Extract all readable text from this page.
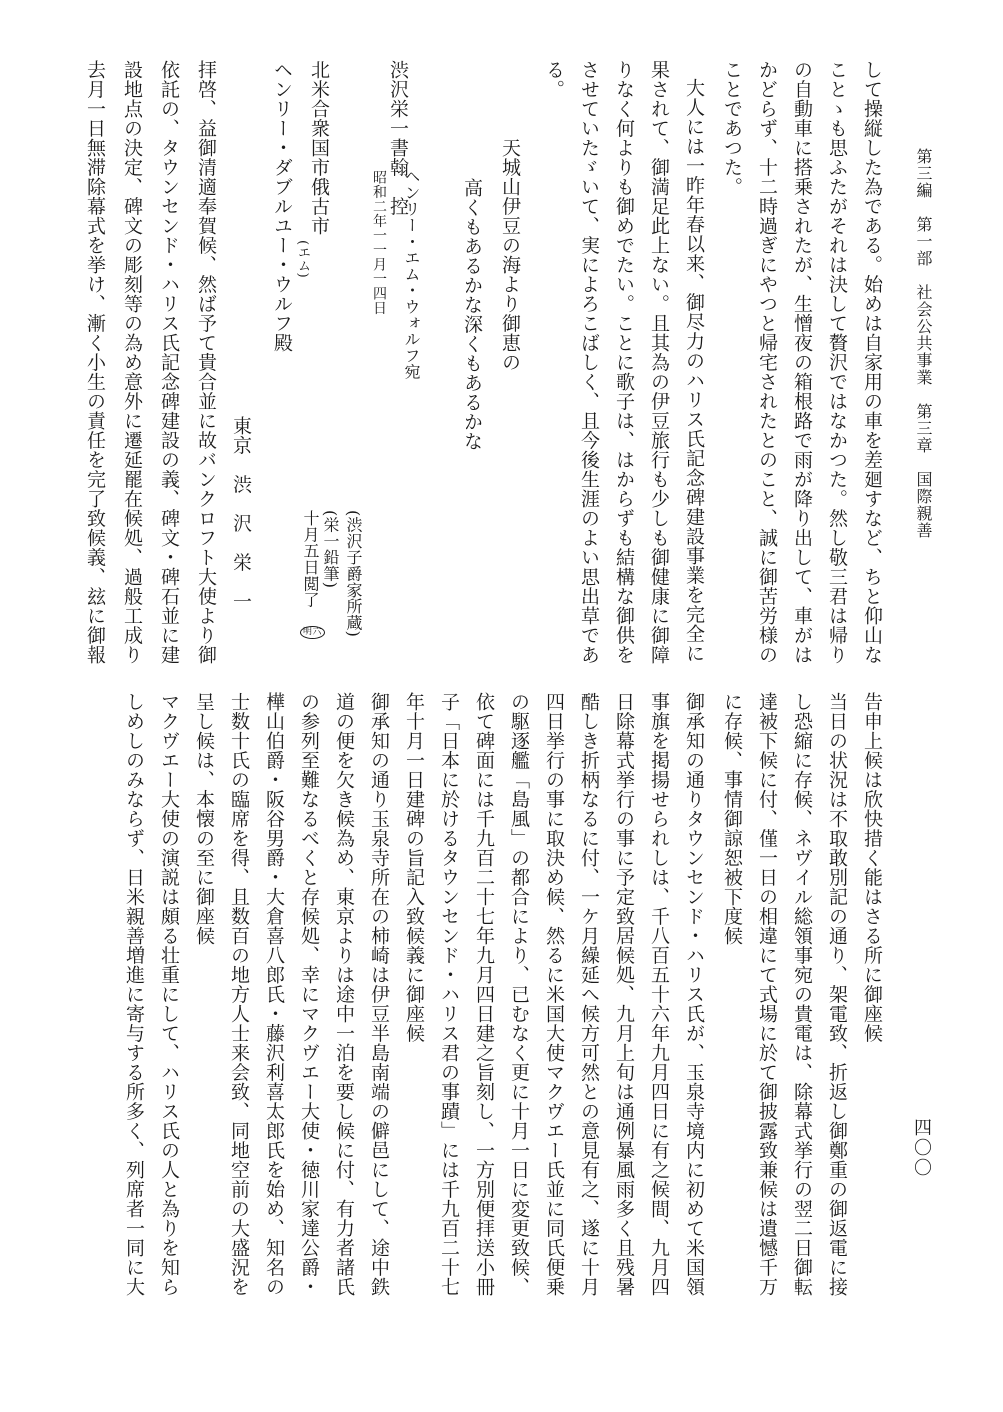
第三編　第一部　社会公共事業　第三章　国際親善
四〇〇
して操縦した為である。始めは自家用の車を差廻すなど、ちと仰山な
ことゝも思ふたがそれは決して贅沢ではなかつた。然し敬三君は帰り
の自動車に搭乗されたが、生憎夜の箱根路で雨が降り出して、車がは
かどらず、十二時過ぎにやつと帰宅されたとのこと、誠に御苦労様の
ことであつた。
大人には一昨年春以来、御尽力のハリス氏記念碑建設事業を完全に
果されて、御満足此上ない。且其為の伊豆旅行も少しも御健康に御障
りなく何よりも御めでたい。ことに歌子は、はからずも結構な御供を
させていたゞいて、実によろこばしく、且今後生涯のよい思出草であ
る。
天城山伊豆の海より御恵の
高くもあるかな深くもあるかな
ヘンリー・エム・ウォルフ宛
昭和二年一一月一四日
渋沢栄一書翰　控
(渋沢子爵家所蔵)
(栄一鉛筆)
十月五日閲了
明六
北米合衆国市俄古市
(エム)
ヘンリー・ダブルユー・ウルフ殿
東京　渋　沢　栄　一
拝啓、益御清適奉賀候、然ば予て貴合並に故バンクロフト大使より御
依託の、タウンセンド・ハリス氏記念碑建設の義、碑文・碑石並に建
設地点の決定、碑文の彫刻等の為め意外に遷延罷在候処、過般工成り
去月一日無滞除幕式を挙け、漸く小生の責任を完了致候義、玆に御報
告申上候は欣快措く能はさる所に御座候
当日の状況は不取敢別記の通り、架電致、折返し御鄭重の御返電に接
し恐縮に存候、ネヴイル総領事宛の貴電は、除幕式挙行の翌二日御転
達被下候に付、僅一日の相違にて式場に於て御披露致兼候は遺憾千万
に存候、事情御諒恕被下度候
御承知の通りタウンセンド・ハリス氏が、玉泉寺境内に初めて米国領
事旗を掲揚せられしは、千八百五十六年九月四日に有之候間、九月四
日除幕式挙行の事に予定致居候処、九月上旬は通例暴風雨多く且残暑
酷しき折柄なるに付、一ケ月繰延へ候方可然との意見有之、遂に十月
四日挙行の事に取決め候、然るに米国大使マクヴエー氏並に同氏便乗
の駆逐艦「島風」の都合により、已むなく更に十月一日に変更致候、
依て碑面には千九百二十七年九月四日建之旨刻し、一方別便拝送小冊
子「日本に於けるタウンセンド・ハリス君の事蹟」には千九百二十七
年十月一日建碑の旨記入致候義に御座候
御承知の通り玉泉寺所在の柿崎は伊豆半島南端の僻邑にして、途中鉄
道の便を欠き候為め、東京よりは途中一泊を要し候に付、有力者諸氏
の参列至難なるべくと存候処、幸にマクヴエー大使・徳川家達公爵・
樺山伯爵・阪谷男爵・大倉喜八郎氏・藤沢利喜太郎氏を始め、知名の
士数十氏の臨席を得、且数百の地方人士来会致、同地空前の大盛況を
呈し候は、本懐の至に御座候
マクヴエー大使の演説は頗る壮重にして、ハリス氏の人と為りを知ら
しめしのみならず、日米親善増進に寄与する所多く、列席者一同に大
